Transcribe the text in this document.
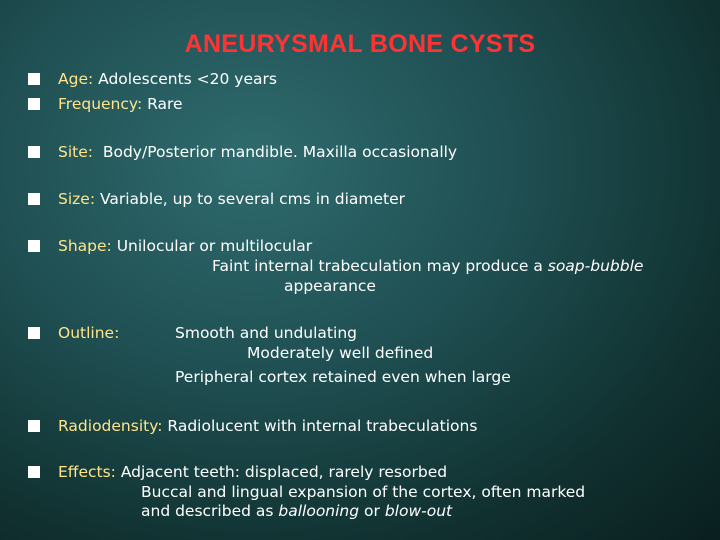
ANEURYSMAL BONE CYSTS
Age: Adolescents <20 years
Frequency: Rare
Site:  Body/Posterior mandible. Maxilla occasionally
Size: Variable, up to several cms in diameter
Shape: Unilocular or multilocular
Faint internal trabeculation may produce a soap-bubble
appearance
Outline:	Smooth and undulating
Moderately well defined
Peripheral cortex retained even when large
Radiodensity: Radiolucent with internal trabeculations
Effects: Adjacent teeth: displaced, rarely resorbed
Buccal and lingual expansion of the cortex, often marked
and described as ballooning or blow-out
